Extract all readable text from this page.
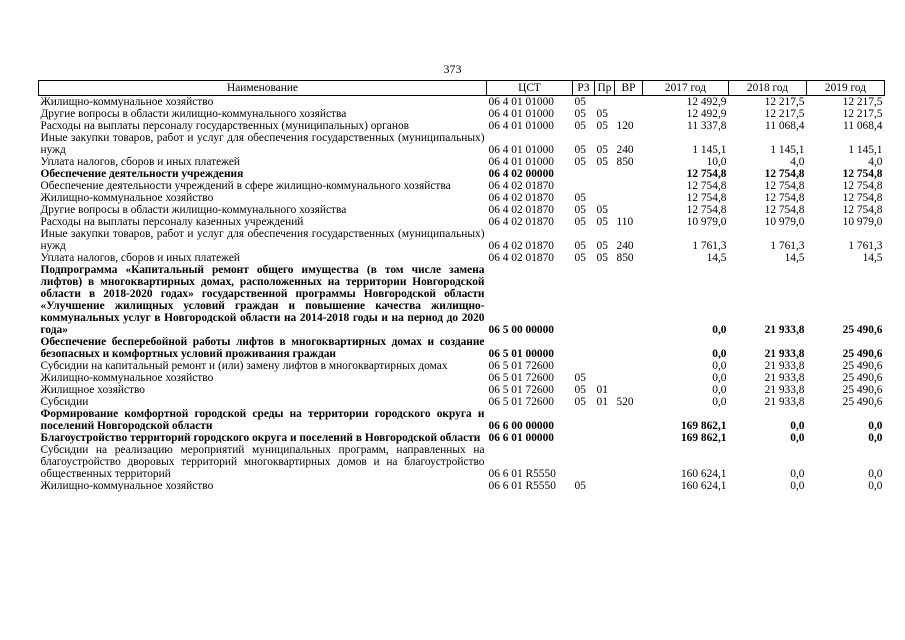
373
Наименование	ЦСТ	РЗ	Пр	ВР	2017 год	2018 год	2019 год
Жилищно-коммунальное хозяйство	06 4 01 01000	05			12 492,9	12 217,5	12 217,5
Другие вопросы в области жилищно-коммунального хозяйства	06 4 01 01000	05	05		12 492,9	12 217,5	12 217,5
Расходы на выплаты персоналу государственных (муниципальных) органов	06 4 01 01000	05	05	120	11 337,8	11 068,4	11 068,4
Иные закупки товаров, работ и услуг для обеспечения государственных (муниципальных) нужд	06 4 01 01000	05	05	240	1 145,1	1 145,1	1 145,1
Уплата налогов, сборов и иных платежей	06 4 01 01000	05	05	850	10,0	4,0	4,0
Обеспечение деятельности учреждения	06 4 02 00000				12 754,8	12 754,8	12 754,8
Обеспечение деятельности учреждений в сфере жилищно-коммунального хозяйства	06 4 02 01870				12 754,8	12 754,8	12 754,8
Жилищно-коммунальное хозяйство	06 4 02 01870	05			12 754,8	12 754,8	12 754,8
Другие вопросы в области жилищно-коммунального хозяйства	06 4 02 01870	05	05		12 754,8	12 754,8	12 754,8
Расходы на выплаты персоналу казенных учреждений	06 4 02 01870	05	05	110	10 979,0	10 979,0	10 979,0
Иные закупки товаров, работ и услуг для обеспечения государственных (муниципальных) нужд	06 4 02 01870	05	05	240	1 761,3	1 761,3	1 761,3
Уплата налогов, сборов и иных платежей	06 4 02 01870	05	05	850	14,5	14,5	14,5
Подпрограмма «Капитальный ремонт общего имущества (в том числе замена лифтов) в многоквартирных домах, расположенных на территории Новгородской области в 2018-2020 годах» государственной программы Новгородской области «Улучшение жилищных условий граждан и повышение качества жилищно-коммунальных услуг в Новгородской области на 2014-2018 годы и на период до 2020 года»	06 5 00 00000				0,0	21 933,8	25 490,6
Обеспечение бесперебойной работы лифтов в многоквартирных домах и создание безопасных и комфортных условий проживания граждан	06 5 01 00000				0,0	21 933,8	25 490,6
Субсидии на капитальный ремонт и (или) замену лифтов в многоквартирных домах	06 5 01 72600				0,0	21 933,8	25 490,6
Жилищно-коммунальное хозяйство	06 5 01 72600	05			0,0	21 933,8	25 490,6
Жилищное хозяйство	06 5 01 72600	05	01		0,0	21 933,8	25 490,6
Субсидии	06 5 01 72600	05	01	520	0,0	21 933,8	25 490,6
Формирование комфортной городской среды на территории городского округа и поселений Новгородской области	06 6 00 00000				169 862,1	0,0	0,0
Благоустройство территорий городского округа и поселений в Новгородской области	06 6 01 00000				169 862,1	0,0	0,0
Субсидии на реализацию мероприятий муниципальных программ, направленных на благоустройство дворовых территорий многоквартирных домов и на благоустройство общественных территорий	06 6 01 R5550				160 624,1	0,0	0,0
Жилищно-коммунальное хозяйство	06 6 01 R5550	05			160 624,1	0,0	0,0
